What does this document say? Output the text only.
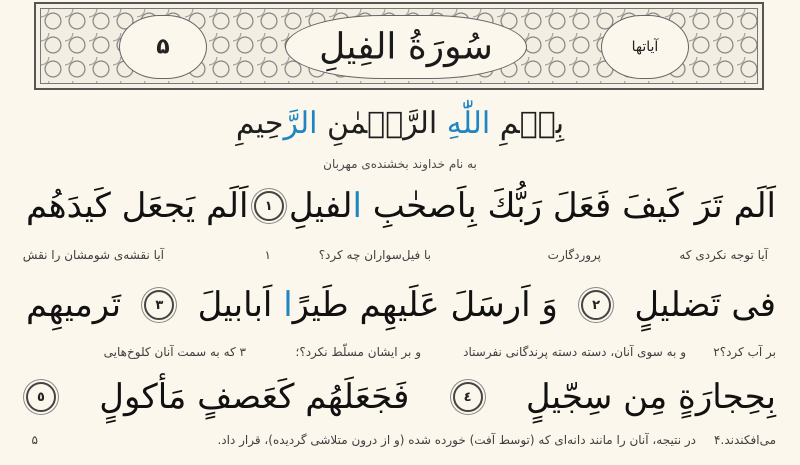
۵	سُورَةُ الفِيلِ	آیاتها
بِسۡمِ اللّٰهِ الرَّحۡمٰنِ الرَّحِيمِ
به نام خداوند بخشنده‌ی مهربان
اَلَم تَرَ كَيفَ فَعَلَ رَبُّكَ بِاَصحٰبِ الفيلِ
١
اَلَم يَجعَل كَيدَهُم
آیا توجه نکردی که
پروردگارت
با فیل‌سواران چه کرد؟
۱
آیا نقشه‌ی شومشان را نقش
فى تَضليلٍ
٢
وَ اَرسَلَ عَلَيهِم طَيرًا اَبابيلَ
٣
تَرميهِم
بر آب کرد؟۲
و به سوی آنان، دسته دسته پرندگانی نفرستاد
و بر ایشان مسلّط نکرد؟؛
۳ که به سمت آنان کلوخ‌هایی
بِحِجارَةٍ مِن سِجّيلٍ
٤
فَجَعَلَهُم كَعَصفٍ مَأكولٍ
٥
می‌افکندند.۴
در نتیجه، آنان را مانند دانه‌ای که (توسط آفت) خورده شده (و از درون متلاشی گردیده)، قرار داد.
۵
